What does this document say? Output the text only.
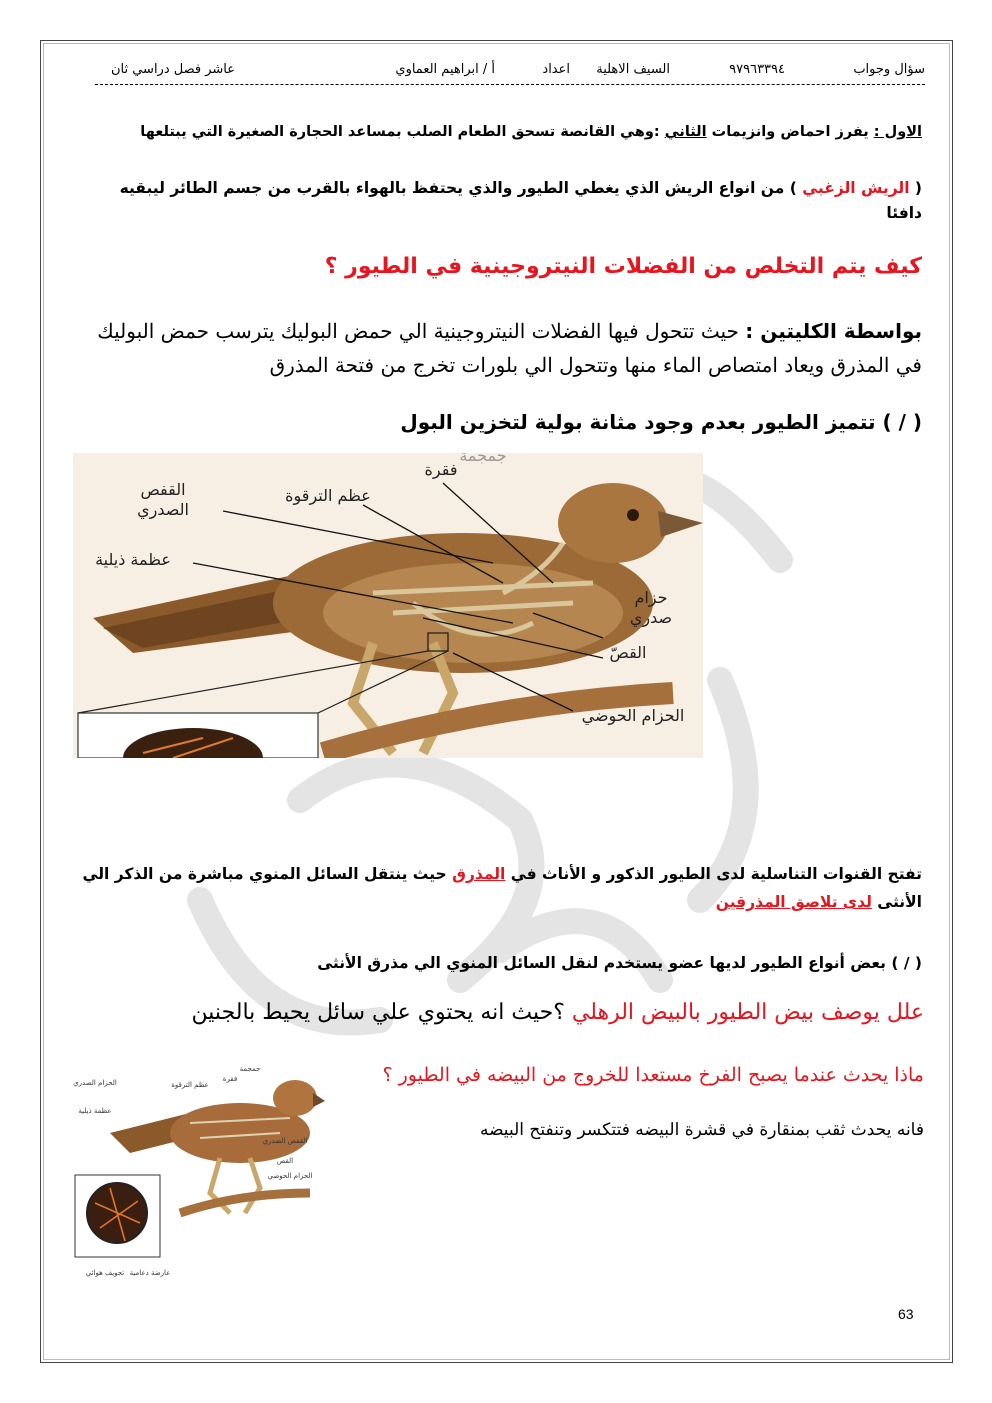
سؤال وجواب
٩٧٩٦٣٣٩٤
السيف الاهلية
اعداد
أ / ابراهيم العماوي
عاشر فصل دراسي ثان
الاول : يفرز احماض وانزيمات الثاني :وهي القانصة تسحق الطعام الصلب بمساعد الحجارة الصغيرة التي يبتلعها
( الريش الزغبي ) من انواع الريش الذي يغطي الطيور والذي يحتفظ بالهواء بالقرب من جسم الطائر ليبقيه دافئا
كيف يتم التخلص من الفضلات النيتروجينية في الطيور ؟
بواسطة الكليتين : حيث تتحول فيها الفضلات النيتروجينية الي حمض البوليك يترسب حمض البوليك في المذرق ويعاد امتصاص الماء منها وتتحول الي بلورات تخرج من فتحة المذرق
( / ) تتميز الطيور بعدم وجود مثانة بولية لتخزين البول
جمجمة
فقرة
عظم الترقوة
القفص
الصدري
عظمة ذيلية
حزام
صدري
القصّ
الحزام الحوضي
تفتح القنوات التناسلية لدى الطيور الذكور و الأناث في المذرق حيث ينتقل السائل المنوي مباشرة من الذكر الي الأنثى لدى تلاصق المذرقين
( / ) بعض أنواع الطيور لديها عضو يستخدم لنقل السائل المنوي الي مذرق الأنثى
علل يوصف بيض الطيور بالبيض الرهلي ؟حيث انه يحتوي علي سائل يحيط بالجنين
ماذا يحدث عندما يصبح الفرخ مستعدا للخروج من البيضه في الطيور ؟
فانه يحدث ثقب بمنقارة في قشرة البيضه فتتكسر وتنفتح البيضه
جمجمة
فقرة
عظم الترقوة
الحزام الصدري
عظمة ذيلية
القفص الصدري
القص
الحزام الحوضي
تجويف هوائي عارضة دعامية
63
